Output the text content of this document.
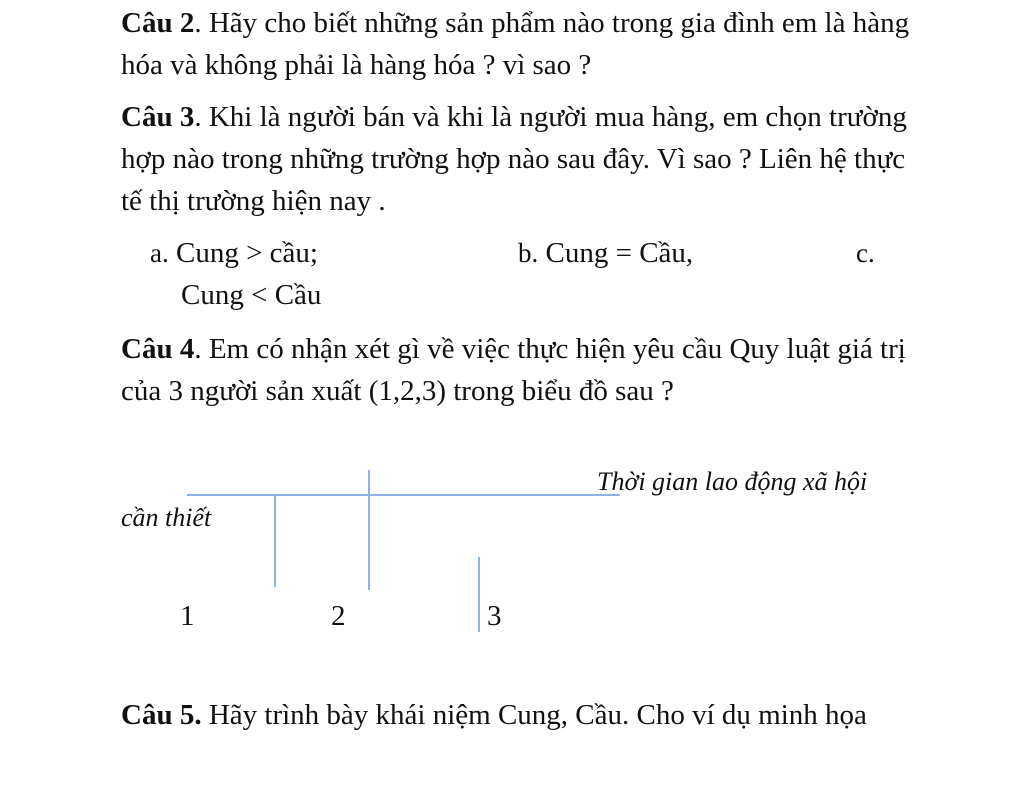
Câu 2. Hãy cho biết những sản phẩm nào trong gia đình em là hàng hóa và không phải là hàng hóa ? vì sao ?

Câu 3. Khi là người bán và khi là người mua hàng, em chọn trường hợp nào trong những trường hợp nào sau đây. Vì sao ? Liên hệ thực tế thị trường hiện nay .

a. Cung > cầu;	b. Cung = Cầu,	c.
Cung < Cầu

Câu 4. Em có nhận xét gì về việc thực hiện yêu cầu Quy luật giá trị của 3 người sản xuất (1,2,3) trong biểu đồ sau ?

Thời gian lao động xã hội
cần thiết
1	2	3

Câu 5. Hãy trình bày khái niệm Cung, Cầu. Cho ví dụ minh họa
